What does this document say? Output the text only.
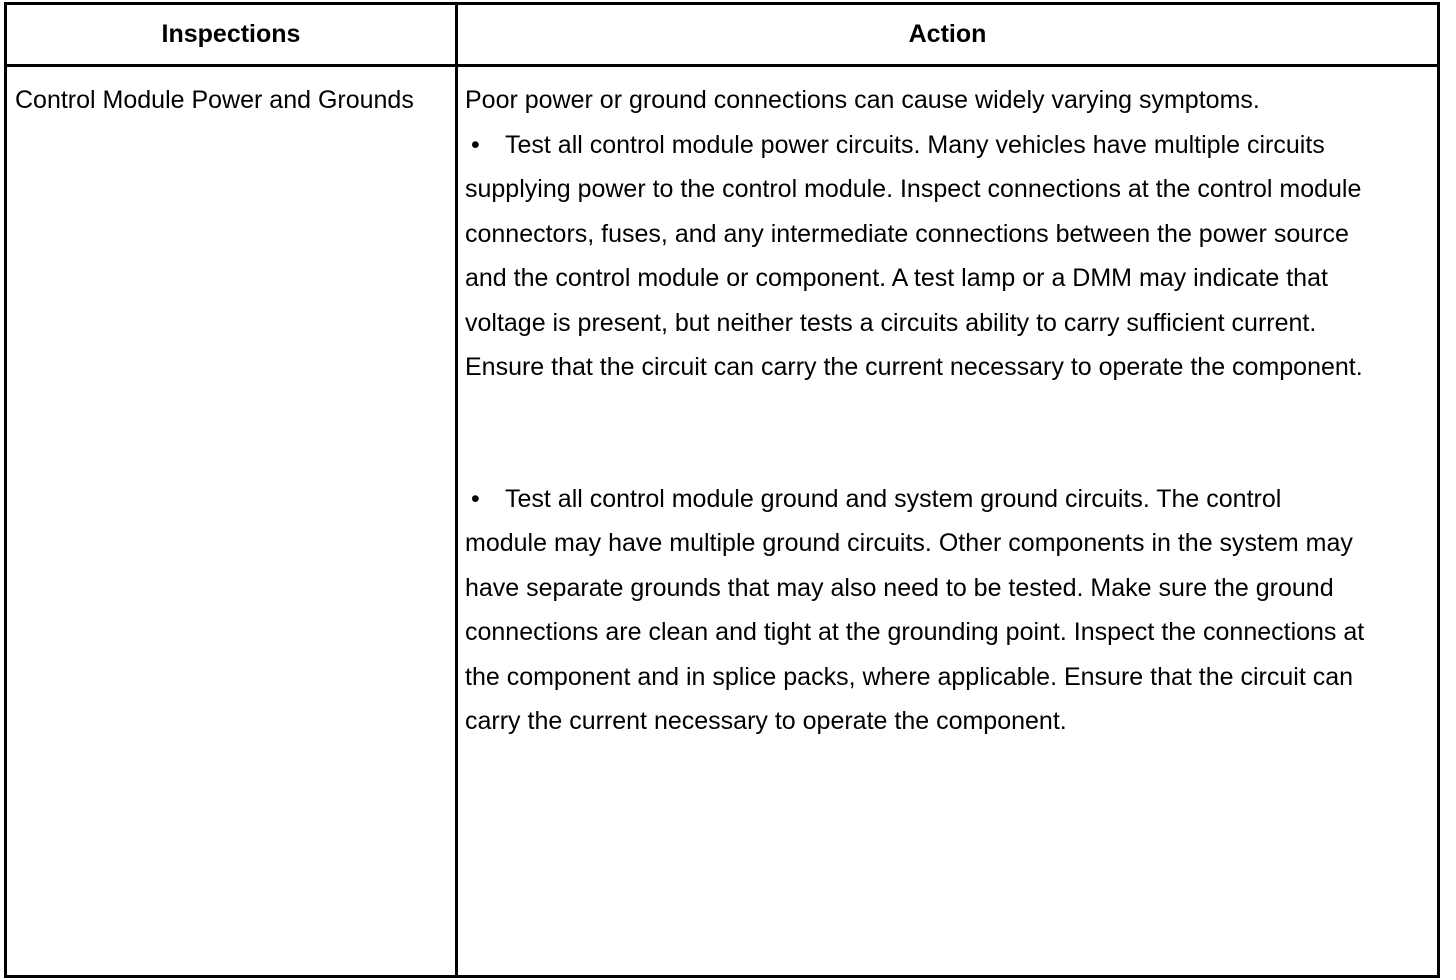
Inspections	Action
Control Module Power and Grounds	Poor power or ground connections can cause widely varying symptoms.

• Test all control module power circuits. Many vehicles have multiple circuits supplying power to the control module. Inspect connections at the control module connectors, fuses, and any intermediate connections between the power source and the control module or component. A test lamp or a DMM may indicate that voltage is present, but neither tests a circuits ability to carry sufficient current. Ensure that the circuit can carry the current necessary to operate the component.

• Test all control module ground and system ground circuits. The control module may have multiple ground circuits. Other components in the system may have separate grounds that may also need to be tested. Make sure the ground connections are clean and tight at the grounding point. Inspect the connections at the component and in splice packs, where applicable. Ensure that the circuit can carry the current necessary to operate the component.
